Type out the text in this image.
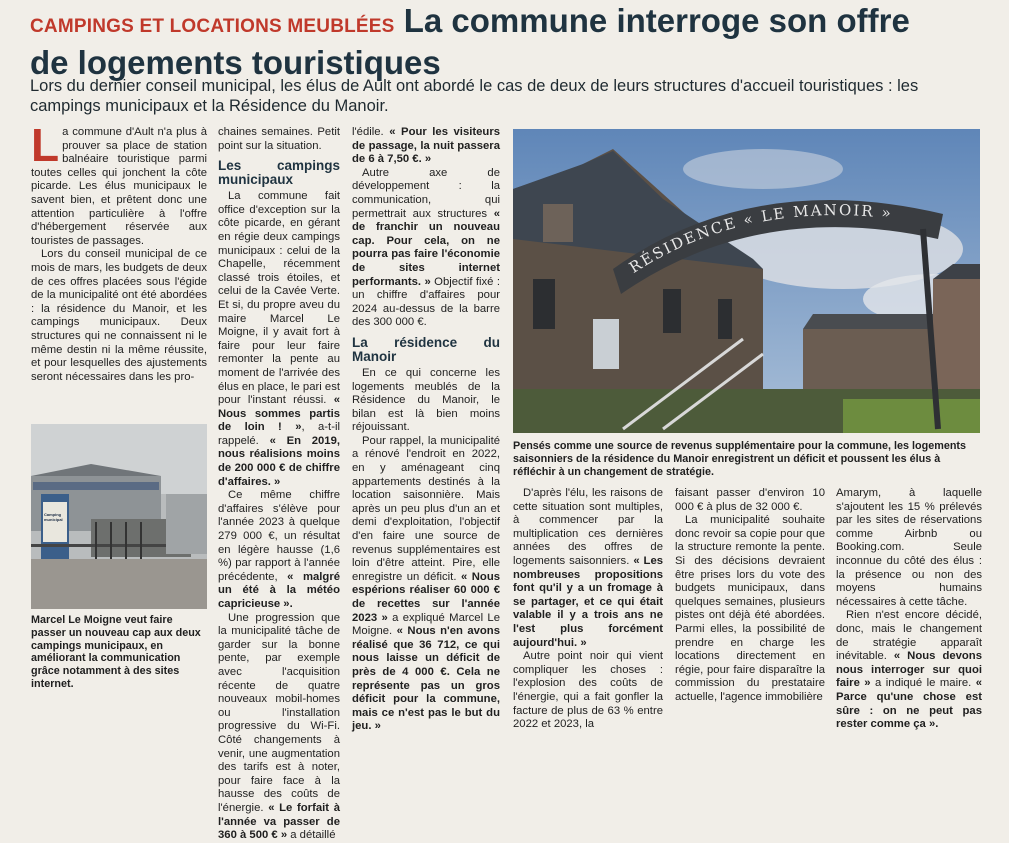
CAMPINGS ET LOCATIONS MEUBLÉES La commune interroge son offre
de logements touristiques
Lors du dernier conseil municipal, les élus de Ault ont abordé le cas de deux de leurs structures d'accueil touristiques : les campings municipaux et la Résidence du Manoir.

La commune d'Ault n'a plus à prouver sa place de station balnéaire touristique parmi toutes celles qui jonchent la côte picarde. Les élus municipaux le savent bien, et prêtent donc une attention particulière à l'offre d'hébergement réservée aux touristes de passages.

Lors du conseil municipal de ce mois de mars, les budgets de deux de ces offres placées sous l'égide de la municipalité ont été abordées : la résidence du Manoir, et les campings municipaux. Deux structures qui ne connaissent ni le même destin ni la même réussite, et pour lesquelles des ajustements seront nécessaires dans les pro-

Camping municipal
Marcel Le Moigne veut faire passer un nouveau cap aux deux campings municipaux, en améliorant la communication grâce notamment à des sites internet.

chaines semaines. Petit point sur la situation.

Les campings municipaux

La commune fait office d'exception sur la côte picarde, en gérant en régie deux campings municipaux : celui de la Chapelle, récemment classé trois étoiles, et celui de la Cavée Verte. Et si, du propre aveu du maire Marcel Le Moigne, il y avait fort à faire pour leur faire remonter la pente au moment de l'arrivée des élus en place, le pari est pour l'instant réussi. « Nous sommes partis de loin ! », a-t-il rappelé. « En 2019, nous réalisions moins de 200 000 € de chiffre d'affaires. »

Ce même chiffre d'affaires s'élève pour l'année 2023 à quelque 279 000 €, un résultat en légère hausse (1,6 %) par rapport à l'année précédente, « malgré un été à la météo capricieuse ».

Une progression que la municipalité tâche de garder sur la bonne pente, par exemple avec l'acquisition récente de quatre nouveaux mobil-homes ou l'installation progressive du Wi-Fi. Côté changements à venir, une augmentation des tarifs est à noter, pour faire face à la hausse des coûts de l'énergie. « Le forfait à l'année va passer de 360 à 500 € » a détaillé

l'édile. « Pour les visiteurs de passage, la nuit passera de 6 à 7,50 €. »

Autre axe de développement : la communication, qui permettrait aux structures « de franchir un nouveau cap. Pour cela, on ne pourra pas faire l'économie de sites internet performants. » Objectif fixé : un chiffre d'affaires pour 2024 au-dessus de la barre des 300 000 €.

La résidence du Manoir

En ce qui concerne les logements meublés de la Résidence du Manoir, le bilan est là bien moins réjouissant.

Pour rappel, la municipalité a rénové l'endroit en 2022, en y aménageant cinq appartements destinés à la location saisonnière. Mais après un peu plus d'un an et demi d'exploitation, l'objectif d'en faire une source de revenus supplémentaires est loin d'être atteint. Pire, elle enregistre un déficit. « Nous espérions réaliser 60 000 € de recettes sur l'année 2023 » a expliqué Marcel Le Moigne. « Nous n'en avons réalisé que 36 712, ce qui nous laisse un déficit de près de 4 000 €. Cela ne représente pas un gros déficit pour la commune, mais ce n'est pas le but du jeu. »

RÉSIDENCE « LE MANOIR »
Pensés comme une source de revenus supplémentaire pour la commune, les logements saisonniers de la résidence du Manoir enregistrent un déficit et poussent les élus à réfléchir à un changement de stratégie.

D'après l'élu, les raisons de cette situation sont multiples, à commencer par la multiplication ces dernières années des offres de logements saisonniers. « Les nombreuses propositions font qu'il y a un fromage à se partager, et ce qui était valable il y a trois ans ne l'est plus forcément aujourd'hui. »

Autre point noir qui vient compliquer les choses : l'explosion des coûts de l'énergie, qui a fait gonfler la facture de plus de 63 % entre 2022 et 2023, la

faisant passer d'environ 10 000 € à plus de 32 000 €.

La municipalité souhaite donc revoir sa copie pour que la structure remonte la pente. Si des décisions devraient être prises lors du vote des budgets municipaux, dans quelques semaines, plusieurs pistes ont déjà été abordées. Parmi elles, la possibilité de prendre en charge les locations directement en régie, pour faire disparaître la commission du prestataire actuelle, l'agence immobilière

Amarym, à laquelle s'ajoutent les 15 % prélevés par les sites de réservations comme Airbnb ou Booking.com. Seule inconnue du côté des élus : la présence ou non des moyens humains nécessaires à cette tâche.

Rien n'est encore décidé, donc, mais le changement de stratégie apparaît inévitable. « Nous devons nous interroger sur quoi faire » a indiqué le maire. « Parce qu'une chose est sûre : on ne peut pas rester comme ça ».
